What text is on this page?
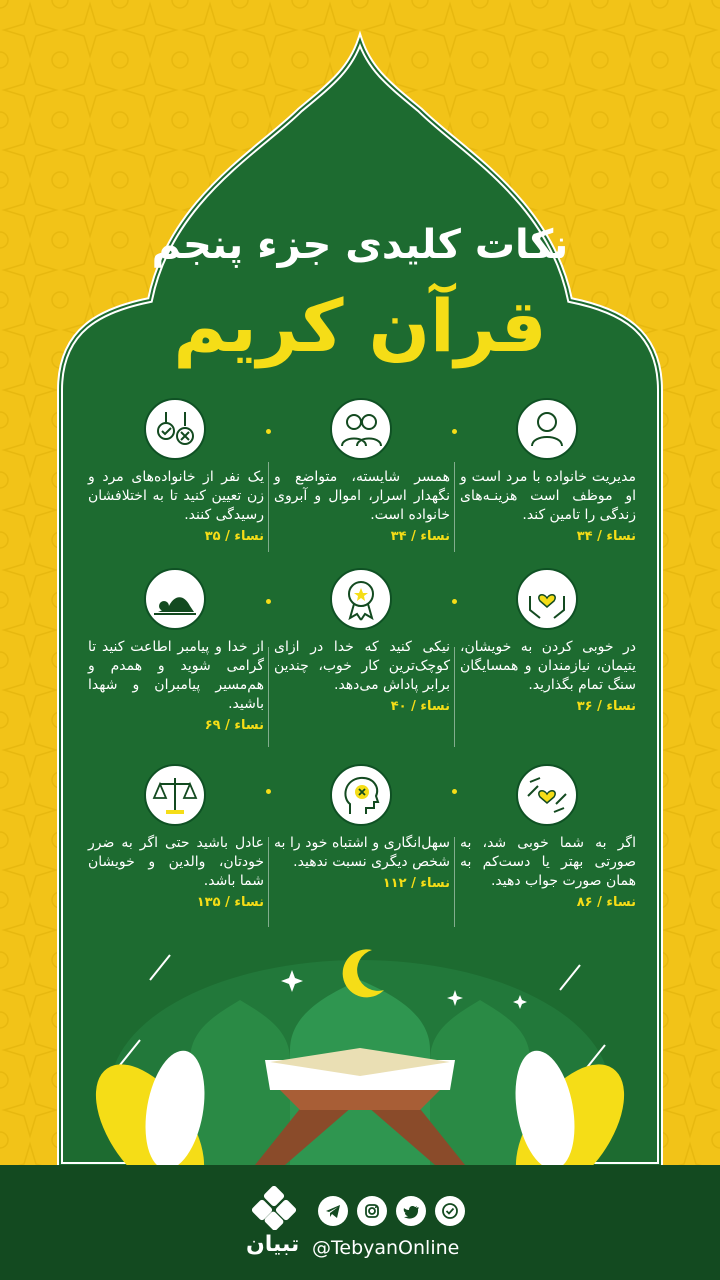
نکات کلیدی جزء پنجم
قرآن کریم
مدیریت خانواده با مرد است و او موظف است هزینـه‌های زندگی را تامین کند.
نساء / ۳۴
همسر شایسته، متواضع و نگهدار اسرار، اموال و آبروی خانواده است.
نساء / ۳۴
یک نفر از خانواده‌های مرد و زن تعیین کنید تا به اختلافشان رسیدگی کنند.
نساء / ۳۵
در خوبی کردن به خویشان، یتیمان، نیازمندان و همسایگان سنگ تمام بگذارید.
نساء / ۳۶
نیکی کنید که خدا در ازای کوچک‌ترین کار خوب، چندین برابر پاداش می‌دهد.
نساء / ۴۰
از خدا و پیامبر اطاعت کنید تا گرامی شوید و همدم و هم‌مسیر پیامبران و شهدا باشید.
نساء / ۶۹
اگر به شما خوبی شد، به صورتی بهتر یا دست‌کم به همان صورت جواب دهید.
نساء / ۸۶
سهل‌انگاری و اشتباه خود را به شخص دیگری نسبت ندهید.
نساء / ۱۱۲
عادل باشید حتی اگر به ضرر خودتان، والدین و خویشان شما باشد.
نساء / ۱۳۵
تبیان @TebyanOnline
